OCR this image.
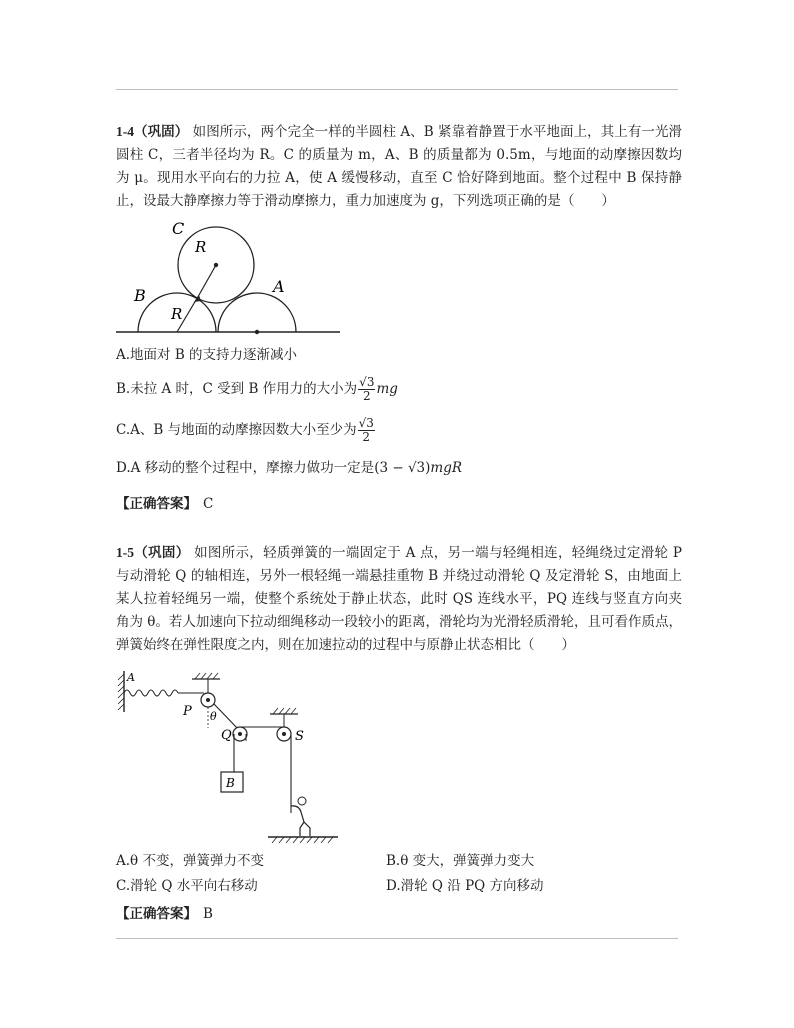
1-4（巩固） 如图所示，两个完全一样的半圆柱 A、B 紧靠着静置于水平地面上，其上有一光滑圆柱 C，三者半径均为 R。C 的质量为 m，A、B 的质量都为 0.5m，与地面的动摩擦因数均为 μ。现用水平向右的力拉 A，使 A 缓慢移动，直至 C 恰好降到地面。整个过程中 B 保持静止，设最大静摩擦力等于滑动摩擦力，重力加速度为 g，下列选项正确的是（　　）
C
B	A
R
R
A.地面对 B 的支持力逐渐减小
B.未拉 A 时，C 受到 B 作用力的大小为 $\frac{√3}{2}$ mg
C.A、B 与地面的动摩擦因数大小至少为 $\frac{√3}{2}$
D.A 移动的整个过程中，摩擦力做功一定是(3 − √3)mgR
【正确答案】 C
1-5（巩固） 如图所示，轻质弹簧的一端固定于 A 点，另一端与轻绳相连，轻绳绕过定滑轮 P 与动滑轮 Q 的轴相连，另外一根轻绳一端悬挂重物 B 并绕过动滑轮 Q 及定滑轮 S，由地面上某人拉着轻绳另一端，使整个系统处于静止状态，此时 QS 连线水平，PQ 连线与竖直方向夹角为 θ。若人加速向下拉动细绳移动一段较小的距离，滑轮均为光滑轻质滑轮，且可看作质点，弹簧始终在弹性限度之内，则在加速拉动的过程中与原静止状态相比（　　）
A
P θ
Q
B
S
A.θ 不变，弹簧弹力不变	B.θ 变大，弹簧弹力变大
C.滑轮 Q 水平向右移动	D.滑轮 Q 沿 PQ 方向移动
【正确答案】 B
